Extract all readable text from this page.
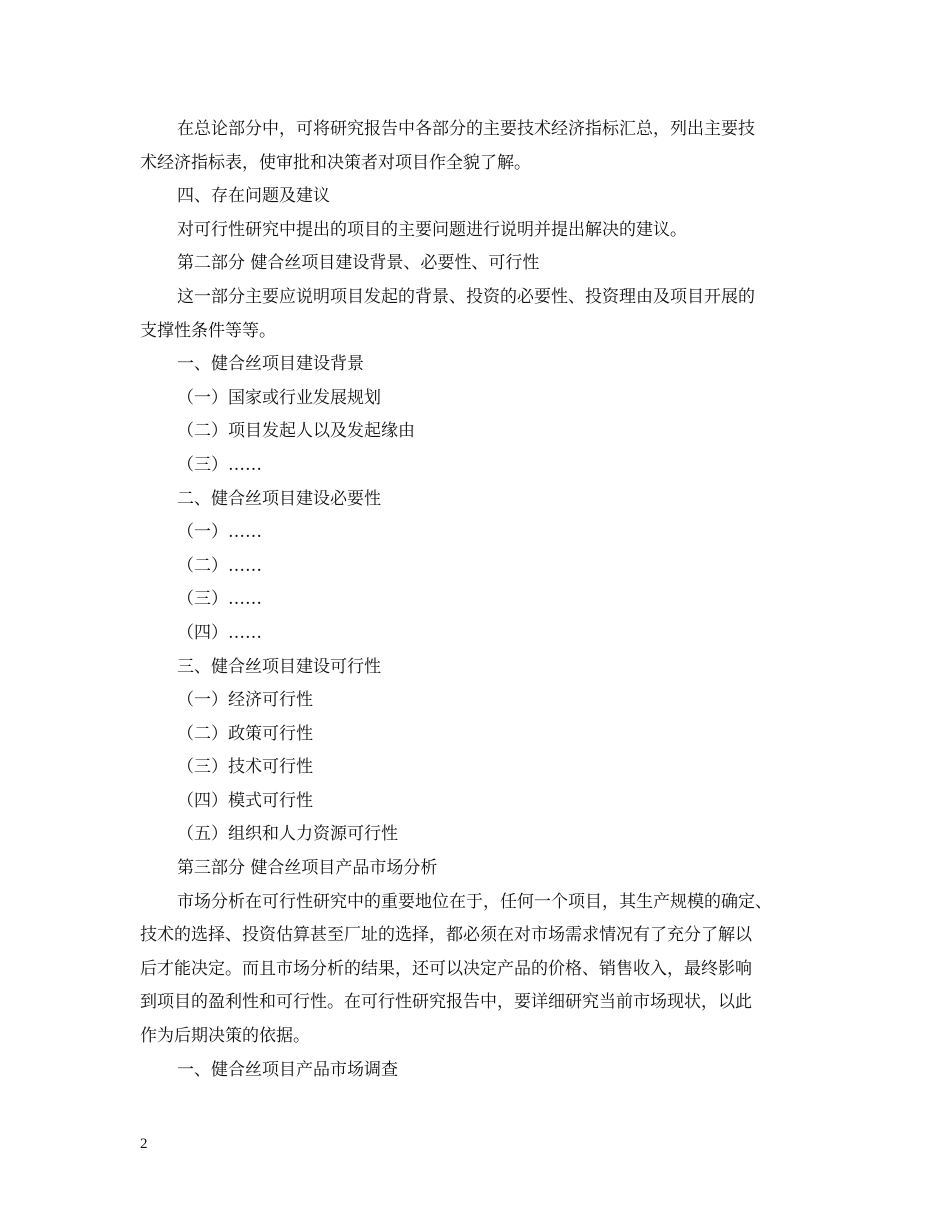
在总论部分中，可将研究报告中各部分的主要技术经济指标汇总，列出主要技
术经济指标表，使审批和决策者对项目作全貌了解。
四、存在问题及建议
对可行性研究中提出的项目的主要问题进行说明并提出解决的建议。
第二部分 健合丝项目建设背景、必要性、可行性
这一部分主要应说明项目发起的背景、投资的必要性、投资理由及项目开展的
支撑性条件等等。
一、健合丝项目建设背景
（一）国家或行业发展规划
（二）项目发起人以及发起缘由
（三）……
二、健合丝项目建设必要性
（一）……
（二）……
（三）……
（四）……
三、健合丝项目建设可行性
（一）经济可行性
（二）政策可行性
（三）技术可行性
（四）模式可行性
（五）组织和人力资源可行性
第三部分 健合丝项目产品市场分析
市场分析在可行性研究中的重要地位在于，任何一个项目，其生产规模的确定、
技术的选择、投资估算甚至厂址的选择，都必须在对市场需求情况有了充分了解以
后才能决定。而且市场分析的结果，还可以决定产品的价格、销售收入，最终影响
到项目的盈利性和可行性。在可行性研究报告中，要详细研究当前市场现状，以此
作为后期决策的依据。
一、健合丝项目产品市场调查
2
